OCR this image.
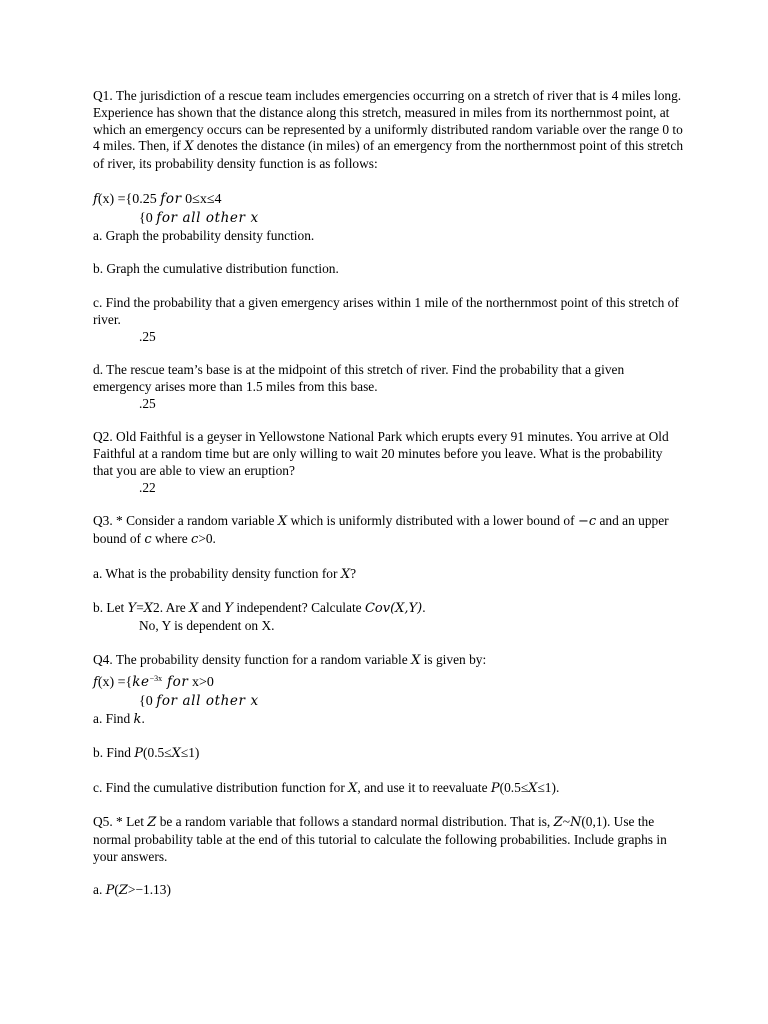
Q1. The jurisdiction of a rescue team includes emergencies occurring on a stretch of river that is 4 miles long. Experience has shown that the distance along this stretch, measured in miles from its northernmost point, at which an emergency occurs can be represented by a uniformly distributed random variable over the range 0 to 4 miles. Then, if X denotes the distance (in miles) of an emergency from the northernmost point of this stretch of river, its probability density function is as follows:

f(x) ={0.25 for 0≤x≤4

{0 for all other x

a. Graph the probability density function.

b. Graph the cumulative distribution function.

c. Find the probability that a given emergency arises within 1 mile of the northernmost point of this stretch of river.

.25

d. The rescue team’s base is at the midpoint of this stretch of river. Find the probability that a given emergency arises more than 1.5 miles from this base.

.25

Q2. Old Faithful is a geyser in Yellowstone National Park which erupts every 91 minutes. You arrive at Old Faithful at a random time but are only willing to wait 20 minutes before you leave. What is the probability that you are able to view an eruption?

.22

Q3. * Consider a random variable X which is uniformly distributed with a lower bound of −c and an upper bound of c where c>0.

a. What is the probability density function for X?

b. Let Y=X2. Are X and Y independent? Calculate Cov(X,Y).

No, Y is dependent on X.

Q4. The probability density function for a random variable X is given by:

$f(x) =\{ke^{-3x}$ for x>0

{0 for all other x

a. Find k.

b. Find P(0.5≤X≤1)

c. Find the cumulative distribution function for X, and use it to reevaluate P(0.5≤X≤1).

Q5. * Let Z be a random variable that follows a standard normal distribution. That is, Z~N(0,1). Use the normal probability table at the end of this tutorial to calculate the following probabilities. Include graphs in your answers.

a. P(Z>−1.13)
